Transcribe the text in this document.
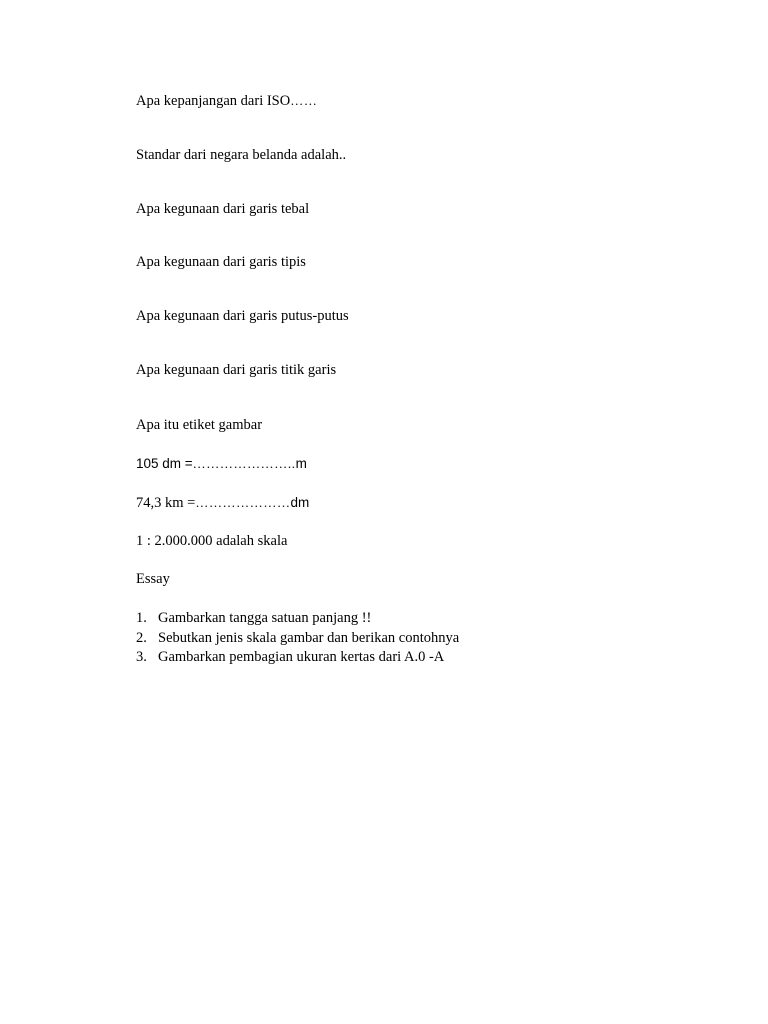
Apa kepanjangan dari ISO……
Standar dari negara belanda adalah..
Apa kegunaan dari garis tebal
Apa kegunaan dari garis tipis
Apa kegunaan dari garis putus-putus
Apa kegunaan dari garis titik garis
Apa itu etiket gambar
105 dm =…………………..m
74,3 km =…………………dm
1 : 2.000.000 adalah skala
Essay
1. Gambarkan tangga satuan panjang !!
2. Sebutkan jenis skala gambar dan berikan contohnya
3. Gambarkan pembagian ukuran kertas dari A.0 -A
